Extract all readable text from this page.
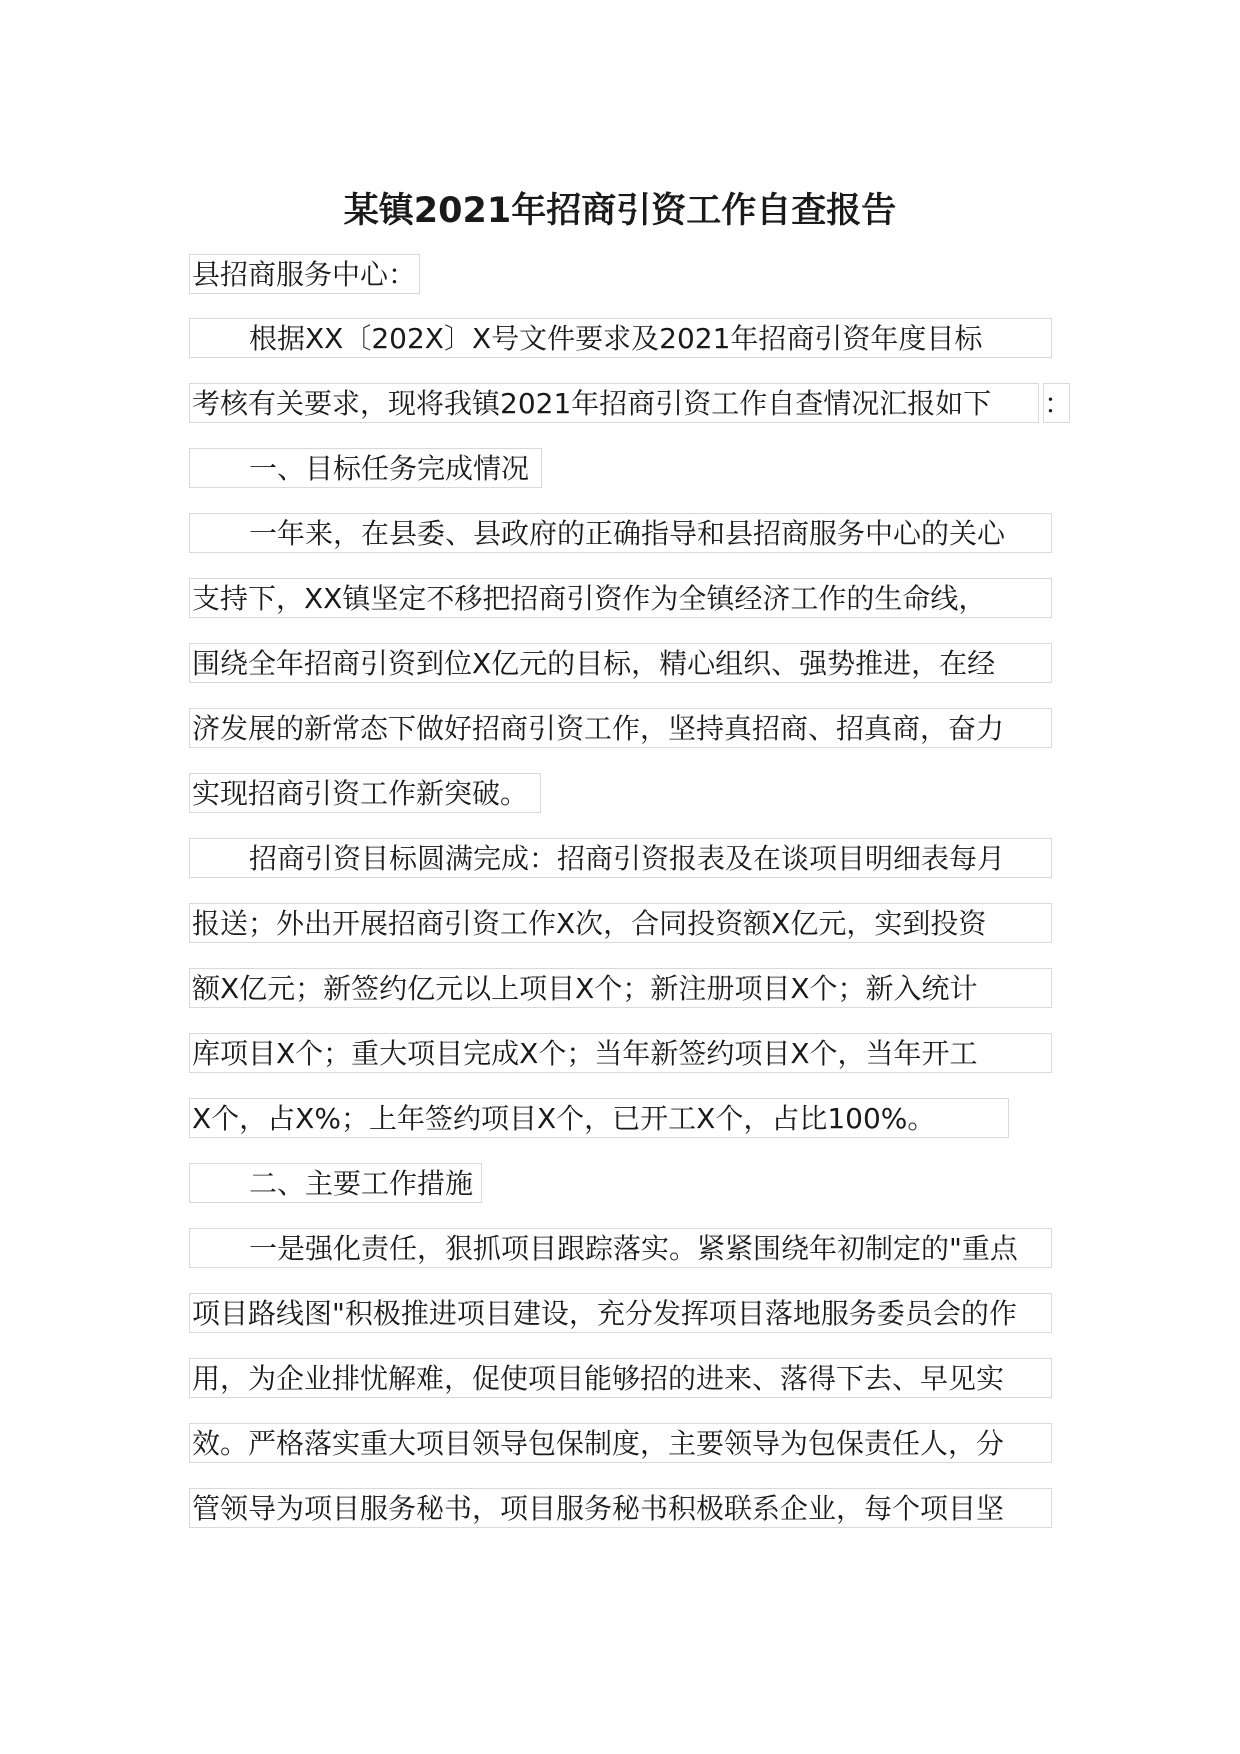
某镇2021年招商引资工作自查报告
县招商服务中心：
根据XX〔202X〕X号文件要求及2021年招商引资年度目标
考核有关要求，现将我镇2021年招商引资工作自查情况汇报如下	：
一、目标任务完成情况
一年来，在县委、县政府的正确指导和县招商服务中心的关心
支持下，XX镇坚定不移把招商引资作为全镇经济工作的生命线，
围绕全年招商引资到位X亿元的目标，精心组织、强势推进，在经
济发展的新常态下做好招商引资工作，坚持真招商、招真商，奋力
实现招商引资工作新突破。
招商引资目标圆满完成：招商引资报表及在谈项目明细表每月
报送；外出开展招商引资工作X次，合同投资额X亿元，实到投资
额X亿元；新签约亿元以上项目X个；新注册项目X个；新入统计
库项目X个；重大项目完成X个；当年新签约项目X个，当年开工
X个，占X%；上年签约项目X个，已开工X个，占比100%。
二、主要工作措施
一是强化责任，狠抓项目跟踪落实。紧紧围绕年初制定的"重点
项目路线图"积极推进项目建设，充分发挥项目落地服务委员会的作
用，为企业排忧解难，促使项目能够招的进来、落得下去、早见实
效。严格落实重大项目领导包保制度，主要领导为包保责任人，分
管领导为项目服务秘书，项目服务秘书积极联系企业，每个项目坚
